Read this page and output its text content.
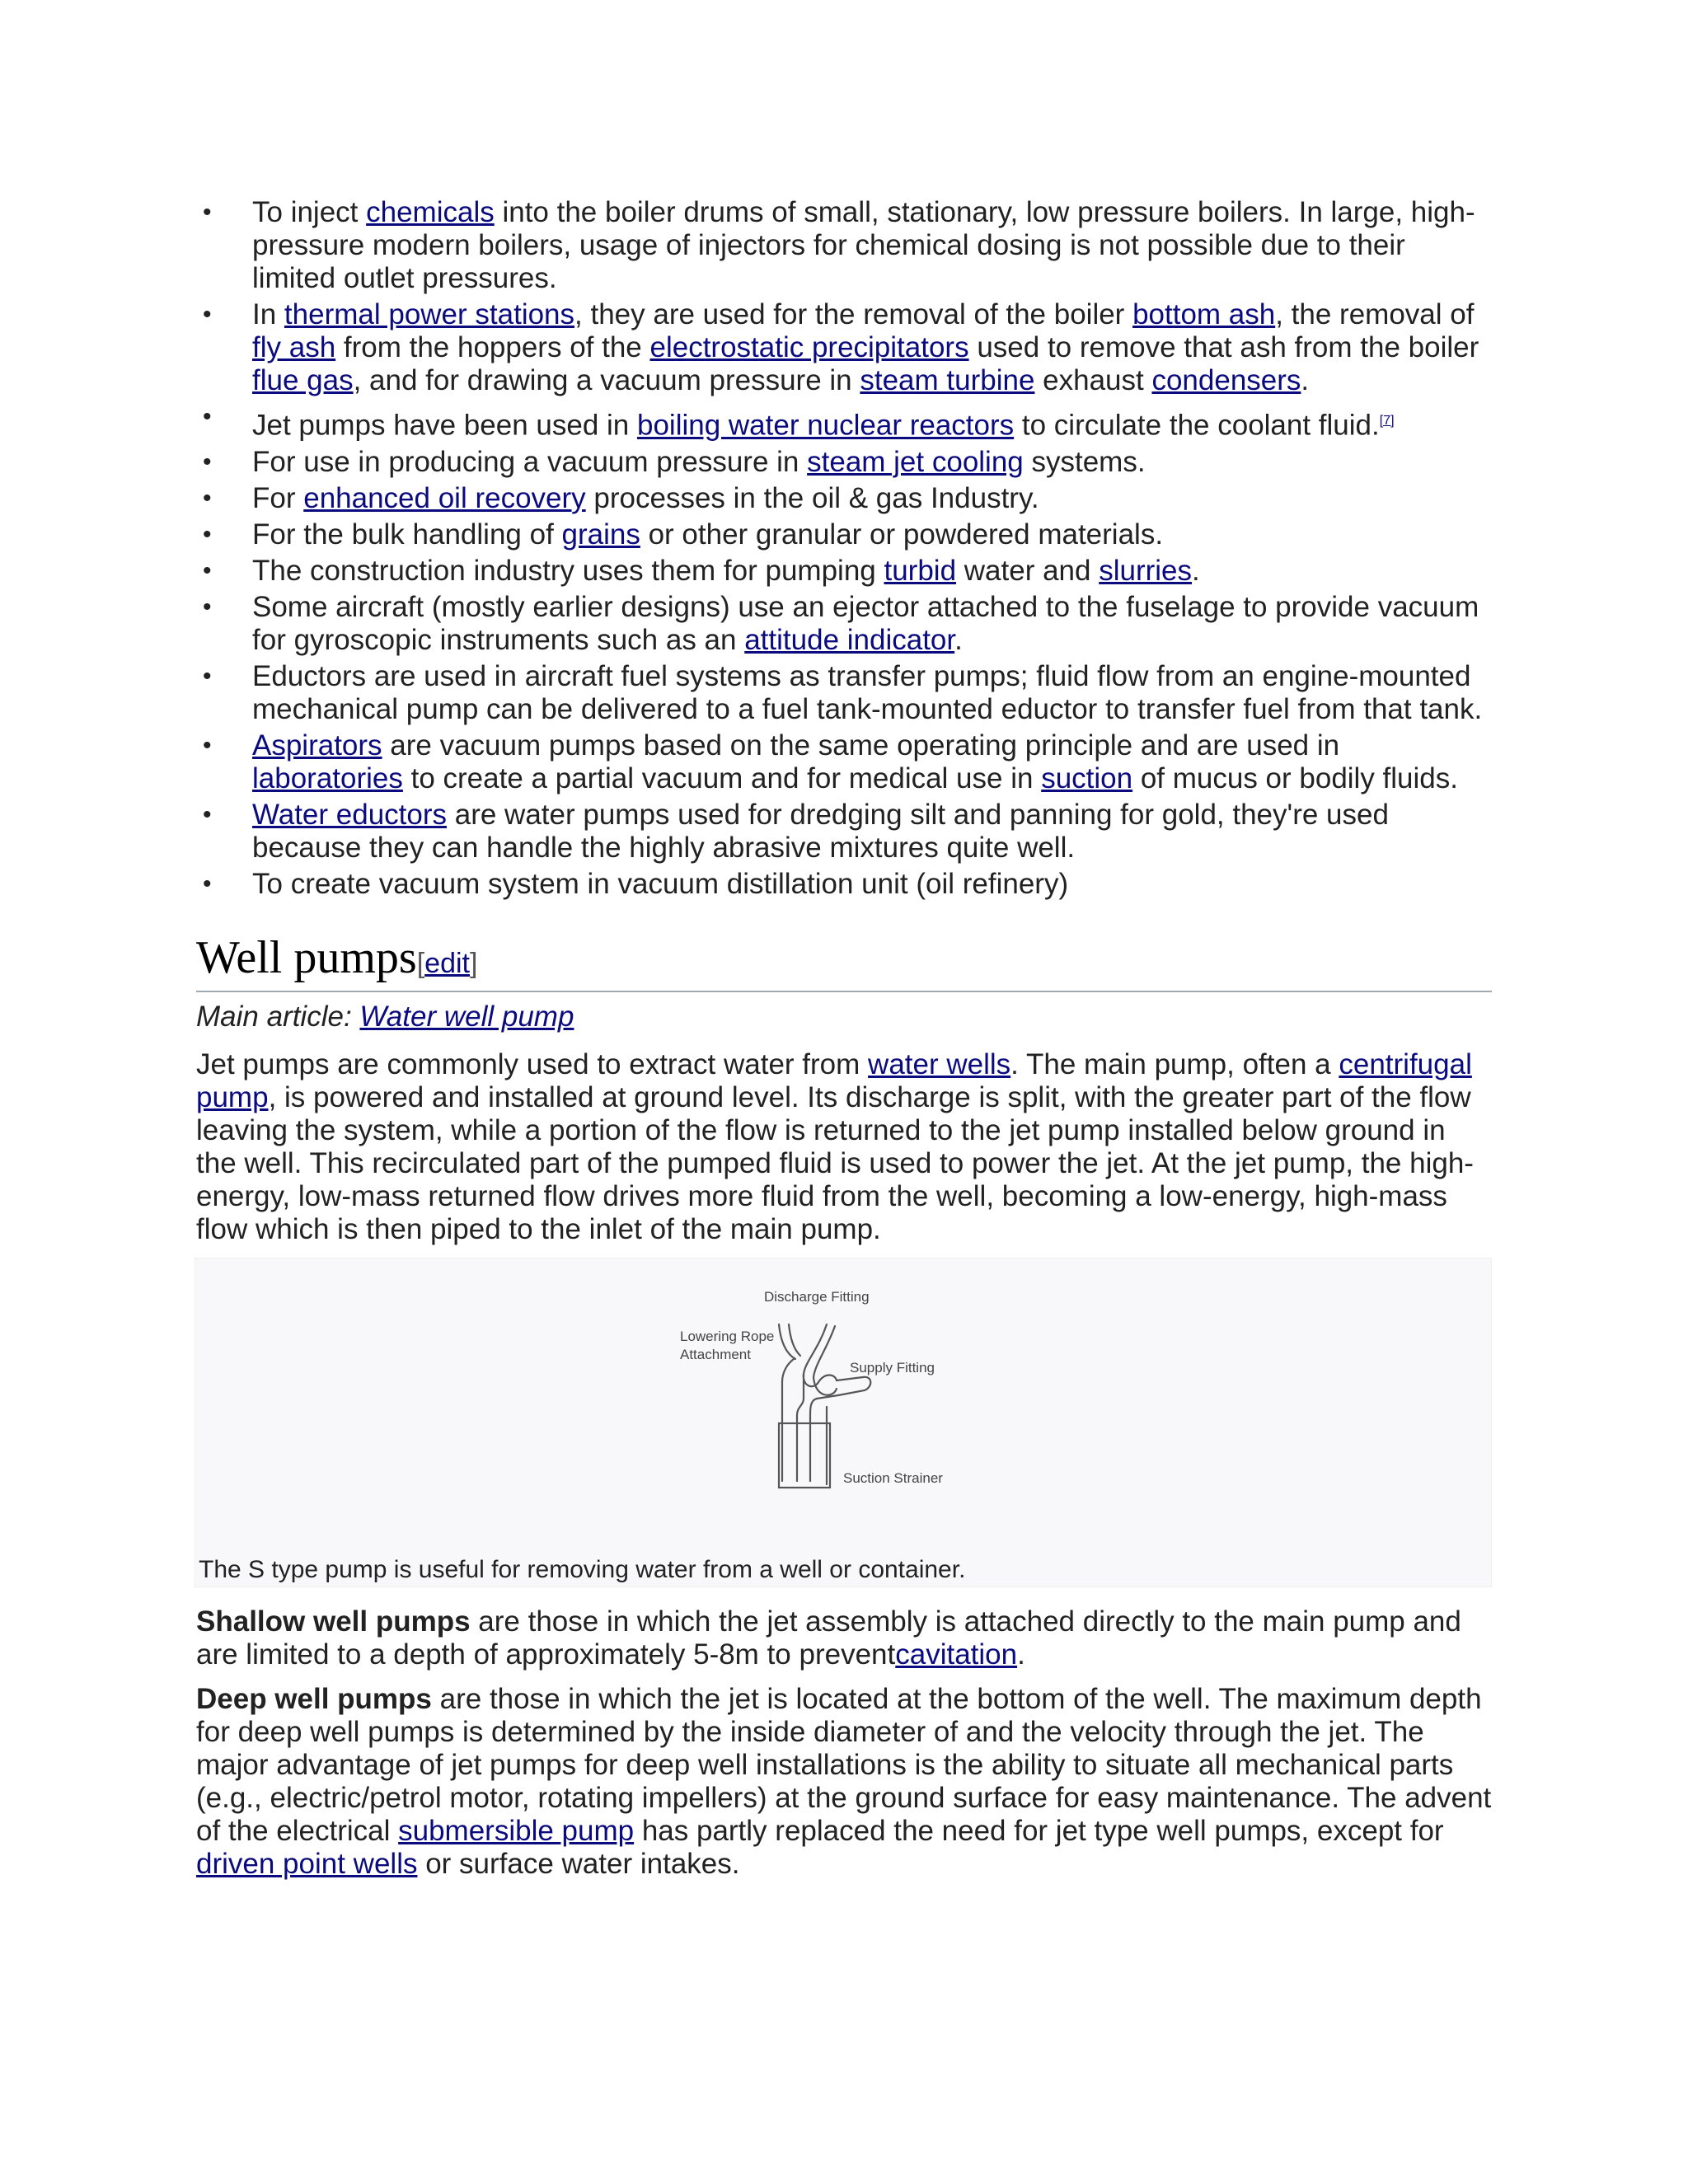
• To inject chemicals into the boiler drums of small, stationary, low pressure boilers. In large, high-pressure modern boilers, usage of injectors for chemical dosing is not possible due to their limited outlet pressures.
• In thermal power stations, they are used for the removal of the boiler bottom ash, the removal of fly ash from the hoppers of the electrostatic precipitators used to remove that ash from the boiler flue gas, and for drawing a vacuum pressure in steam turbine exhaust condensers.
• Jet pumps have been used in boiling water nuclear reactors to circulate the coolant fluid.[7]
• For use in producing a vacuum pressure in steam jet cooling systems.
• For enhanced oil recovery processes in the oil & gas Industry.
• For the bulk handling of grains or other granular or powdered materials.
• The construction industry uses them for pumping turbid water and slurries.
• Some aircraft (mostly earlier designs) use an ejector attached to the fuselage to provide vacuum for gyroscopic instruments such as an attitude indicator.
• Eductors are used in aircraft fuel systems as transfer pumps; fluid flow from an engine-mounted mechanical pump can be delivered to a fuel tank-mounted eductor to transfer fuel from that tank.
• Aspirators are vacuum pumps based on the same operating principle and are used in laboratories to create a partial vacuum and for medical use in suction of mucus or bodily fluids.
• Water eductors are water pumps used for dredging silt and panning for gold, they're used because they can handle the highly abrasive mixtures quite well.
• To create vacuum system in vacuum distillation unit (oil refinery)
Well pumps[edit]
Main article: Water well pump

Jet pumps are commonly used to extract water from water wells. The main pump, often a centrifugal pump, is powered and installed at ground level. Its discharge is split, with the greater part of the flow leaving the system, while a portion of the flow is returned to the jet pump installed below ground in the well. This recirculated part of the pumped fluid is used to power the jet. At the jet pump, the high-energy, low-mass returned flow drives more fluid from the well, becoming a low-energy, high-mass flow which is then piped to the inlet of the main pump.

Discharge Fitting
Lowering Rope
Attachment
Supply Fitting
Suction Strainer
The S type pump is useful for removing water from a well or container.

Shallow well pumps are those in which the jet assembly is attached directly to the main pump and are limited to a depth of approximately 5-8m to preventcavitation.

Deep well pumps are those in which the jet is located at the bottom of the well. The maximum depth for deep well pumps is determined by the inside diameter of and the velocity through the jet. The major advantage of jet pumps for deep well installations is the ability to situate all mechanical parts (e.g., electric/petrol motor, rotating impellers) at the ground surface for easy maintenance. The advent of the electrical submersible pump has partly replaced the need for jet type well pumps, except for driven point wells or surface water intakes.
